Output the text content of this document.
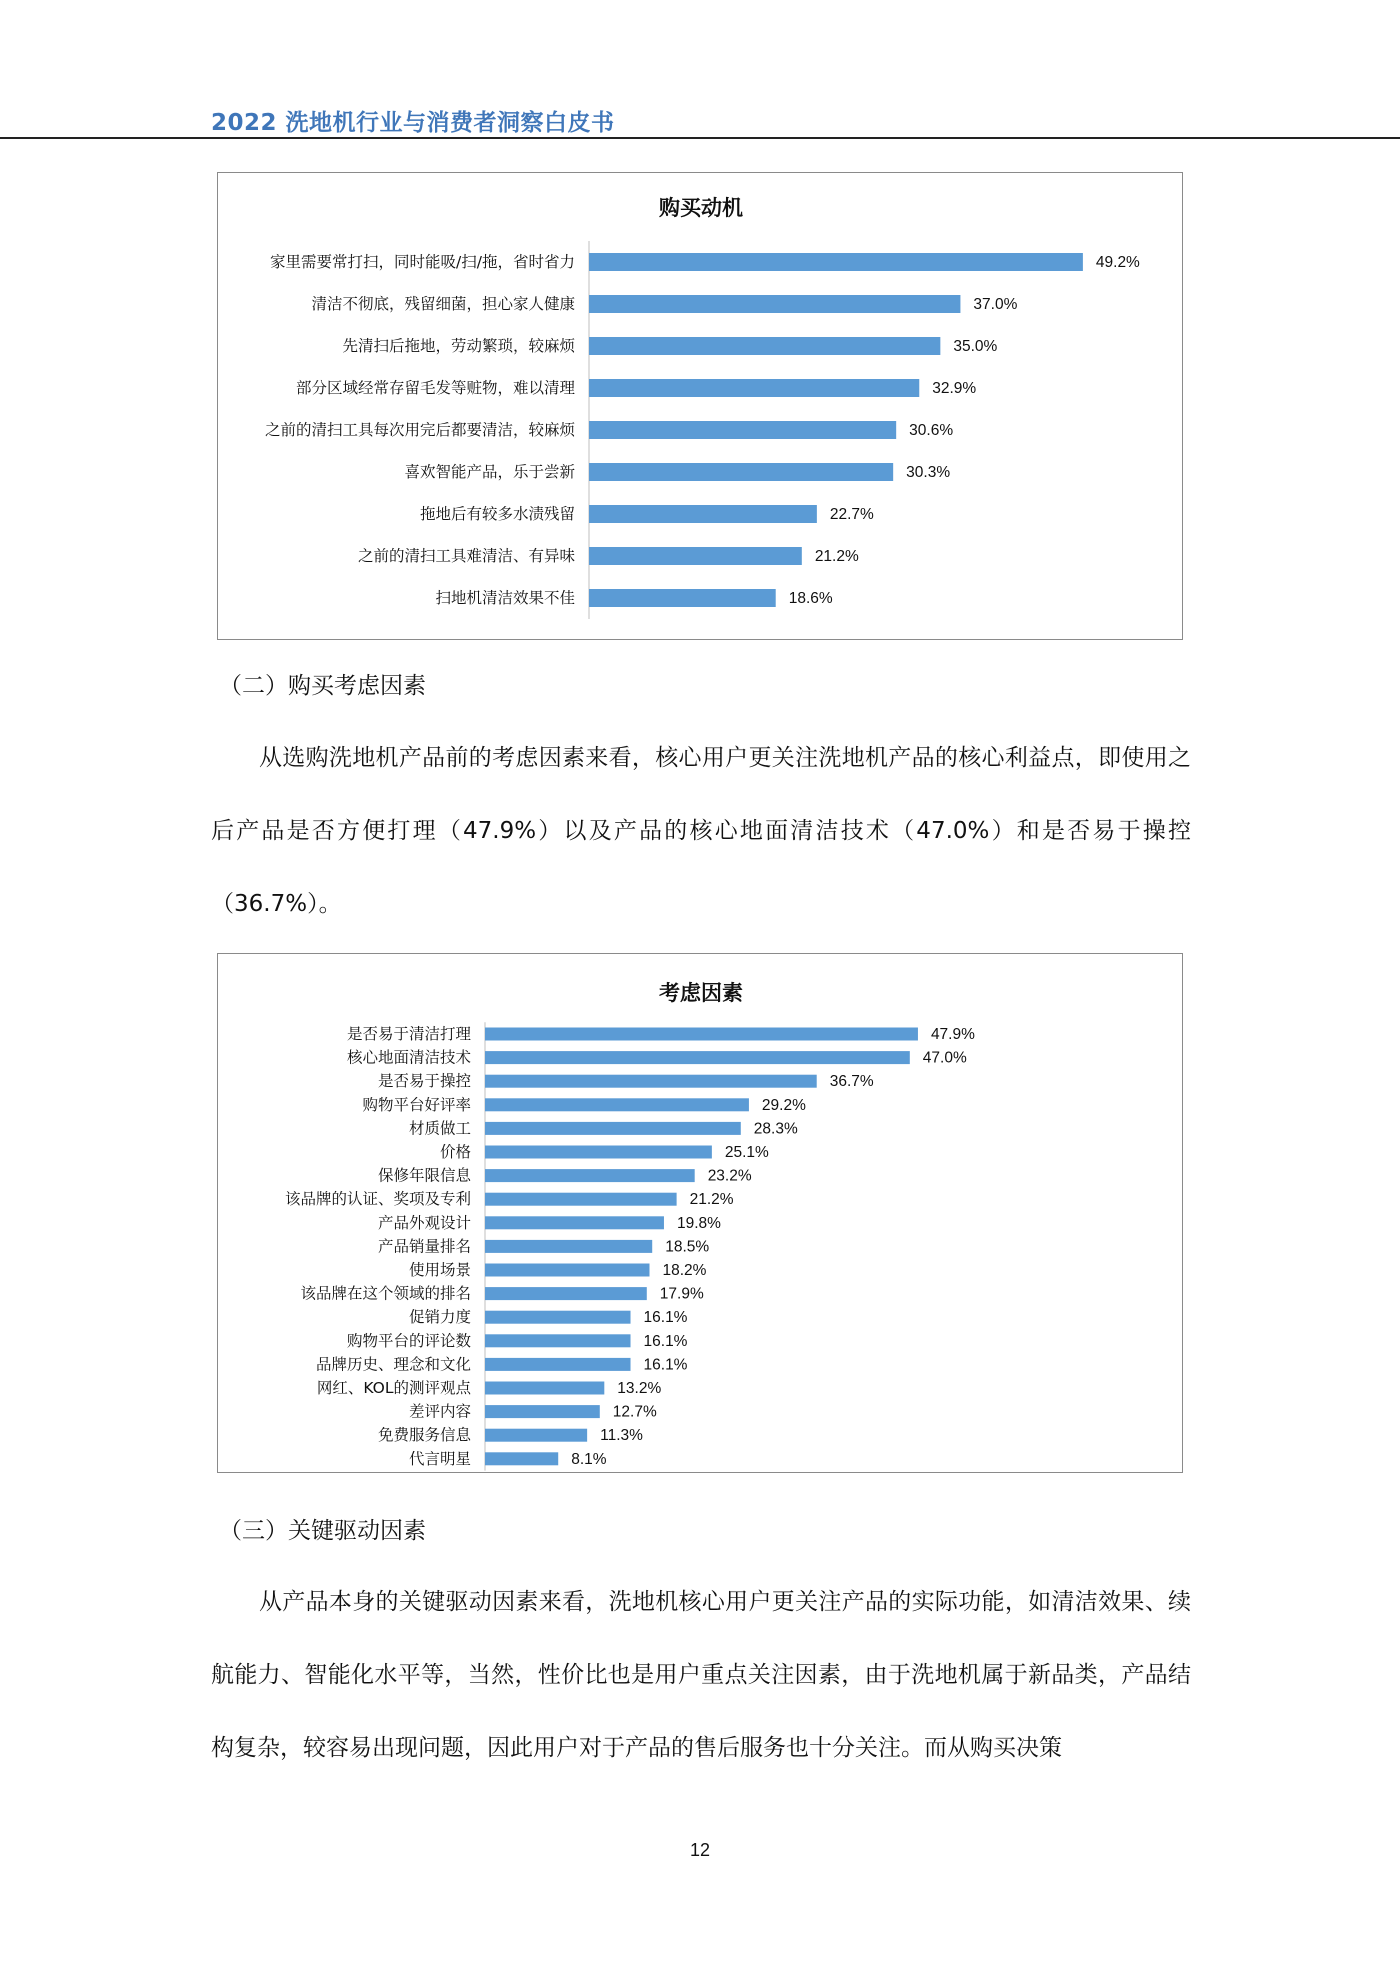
2022 洗地机行业与消费者洞察白皮书
购买动机
家里需要常打扫，同时能吸/扫/拖，省时省力	49.2%
清洁不彻底，残留细菌，担心家人健康	37.0%
先清扫后拖地，劳动繁琐，较麻烦	35.0%
部分区域经常存留毛发等赃物，难以清理	32.9%
之前的清扫工具每次用完后都要清洁，较麻烦	30.6%
喜欢智能产品，乐于尝新	30.3%
拖地后有较多水渍残留	22.7%
之前的清扫工具难清洁、有异味	21.2%
扫地机清洁效果不佳	18.6%
（二）购买考虑因素

从选购洗地机产品前的考虑因素来看，核心用户更关注洗地机产品的核心利益点，即使用之后产品是否方便打理（47.9%）以及产品的核心地面清洁技术（47.0%）和是否易于操控（36.7%）。

考虑因素
是否易于清洁打理	47.9%
核心地面清洁技术	47.0%
是否易于操控	36.7%
购物平台好评率	29.2%
材质做工	28.3%
价格	25.1%
保修年限信息	23.2%
该品牌的认证、奖项及专利	21.2%
产品外观设计	19.8%
产品销量排名	18.5%
使用场景	18.2%
该品牌在这个领域的排名	17.9%
促销力度	16.1%
购物平台的评论数	16.1%
品牌历史、理念和文化	16.1%
网红、KOL的测评观点	13.2%
差评内容	12.7%
免费服务信息	11.3%
代言明星	8.1%
（三）关键驱动因素

从产品本身的关键驱动因素来看，洗地机核心用户更关注产品的实际功能，如清洁效果、续航能力、智能化水平等，当然，性价比也是用户重点关注因素，由于洗地机属于新品类，产品结构复杂，较容易出现问题，因此用户对于产品的售后服务也十分关注。而从购买决策

12
